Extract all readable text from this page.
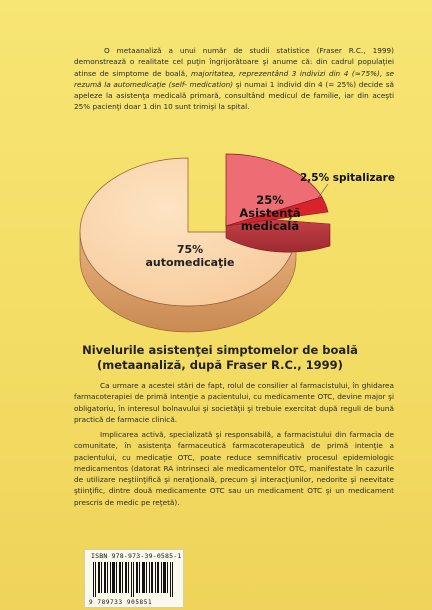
O metaanaliză a unui număr de studii statistice (Fraser R.C., 1999) demonstrează o realitate cel puţin îngrijorătoare şi anume că: din cadrul populaţiei atinse de simptome de boală, majoritatea, reprezentând 3 indivizi din 4 (≈75%), se rezumă la automedicaţie (self- medication) şi numai 1 individ din 4 (= 25%) decide să apeleze la asistenţa medicală primară, consultând medicul de familie, iar din aceşti 25% pacienţi doar 1 din 10 sunt trimişi la spital.

75%
automedicaţie
25%
Asistenţă
medicală
2,5% spitalizare
Nivelurile asistenţei simptomelor de boală
(metaanaliză, după Fraser R.C., 1999)

Ca urmare a acestei stări de fapt, rolul de consilier al farmacistului, în ghidarea farmacoterapiei de primă intenţie a pacientului, cu medicamente OTC, devine major şi obligatoriu, în interesul bolnavului şi societăţii şi trebuie exercitat după reguli de bună practică de farmacie clinică.

Implicarea activă, specializată şi responsabilă, a farmacistului din farmacia de comunitate, în asistenţa farmaceutică farmacoterapeutică de primă intenţie a pacientului, cu medicaţie OTC, poate reduce semnificativ procesul epidemiologic medicamentos (datorat RA intrinseci ale medicamentelor OTC, manifestate în cazurile de utilizare neştiinţifică şi neraţională, precum şi interacţiunilor, nedorite şi neevitate ştiinţific, dintre două medicamente OTC sau un medicament OTC şi un medicament prescris de medic pe reţetă).

ISBN 978-973-39-0585-1
9 789733 905851
